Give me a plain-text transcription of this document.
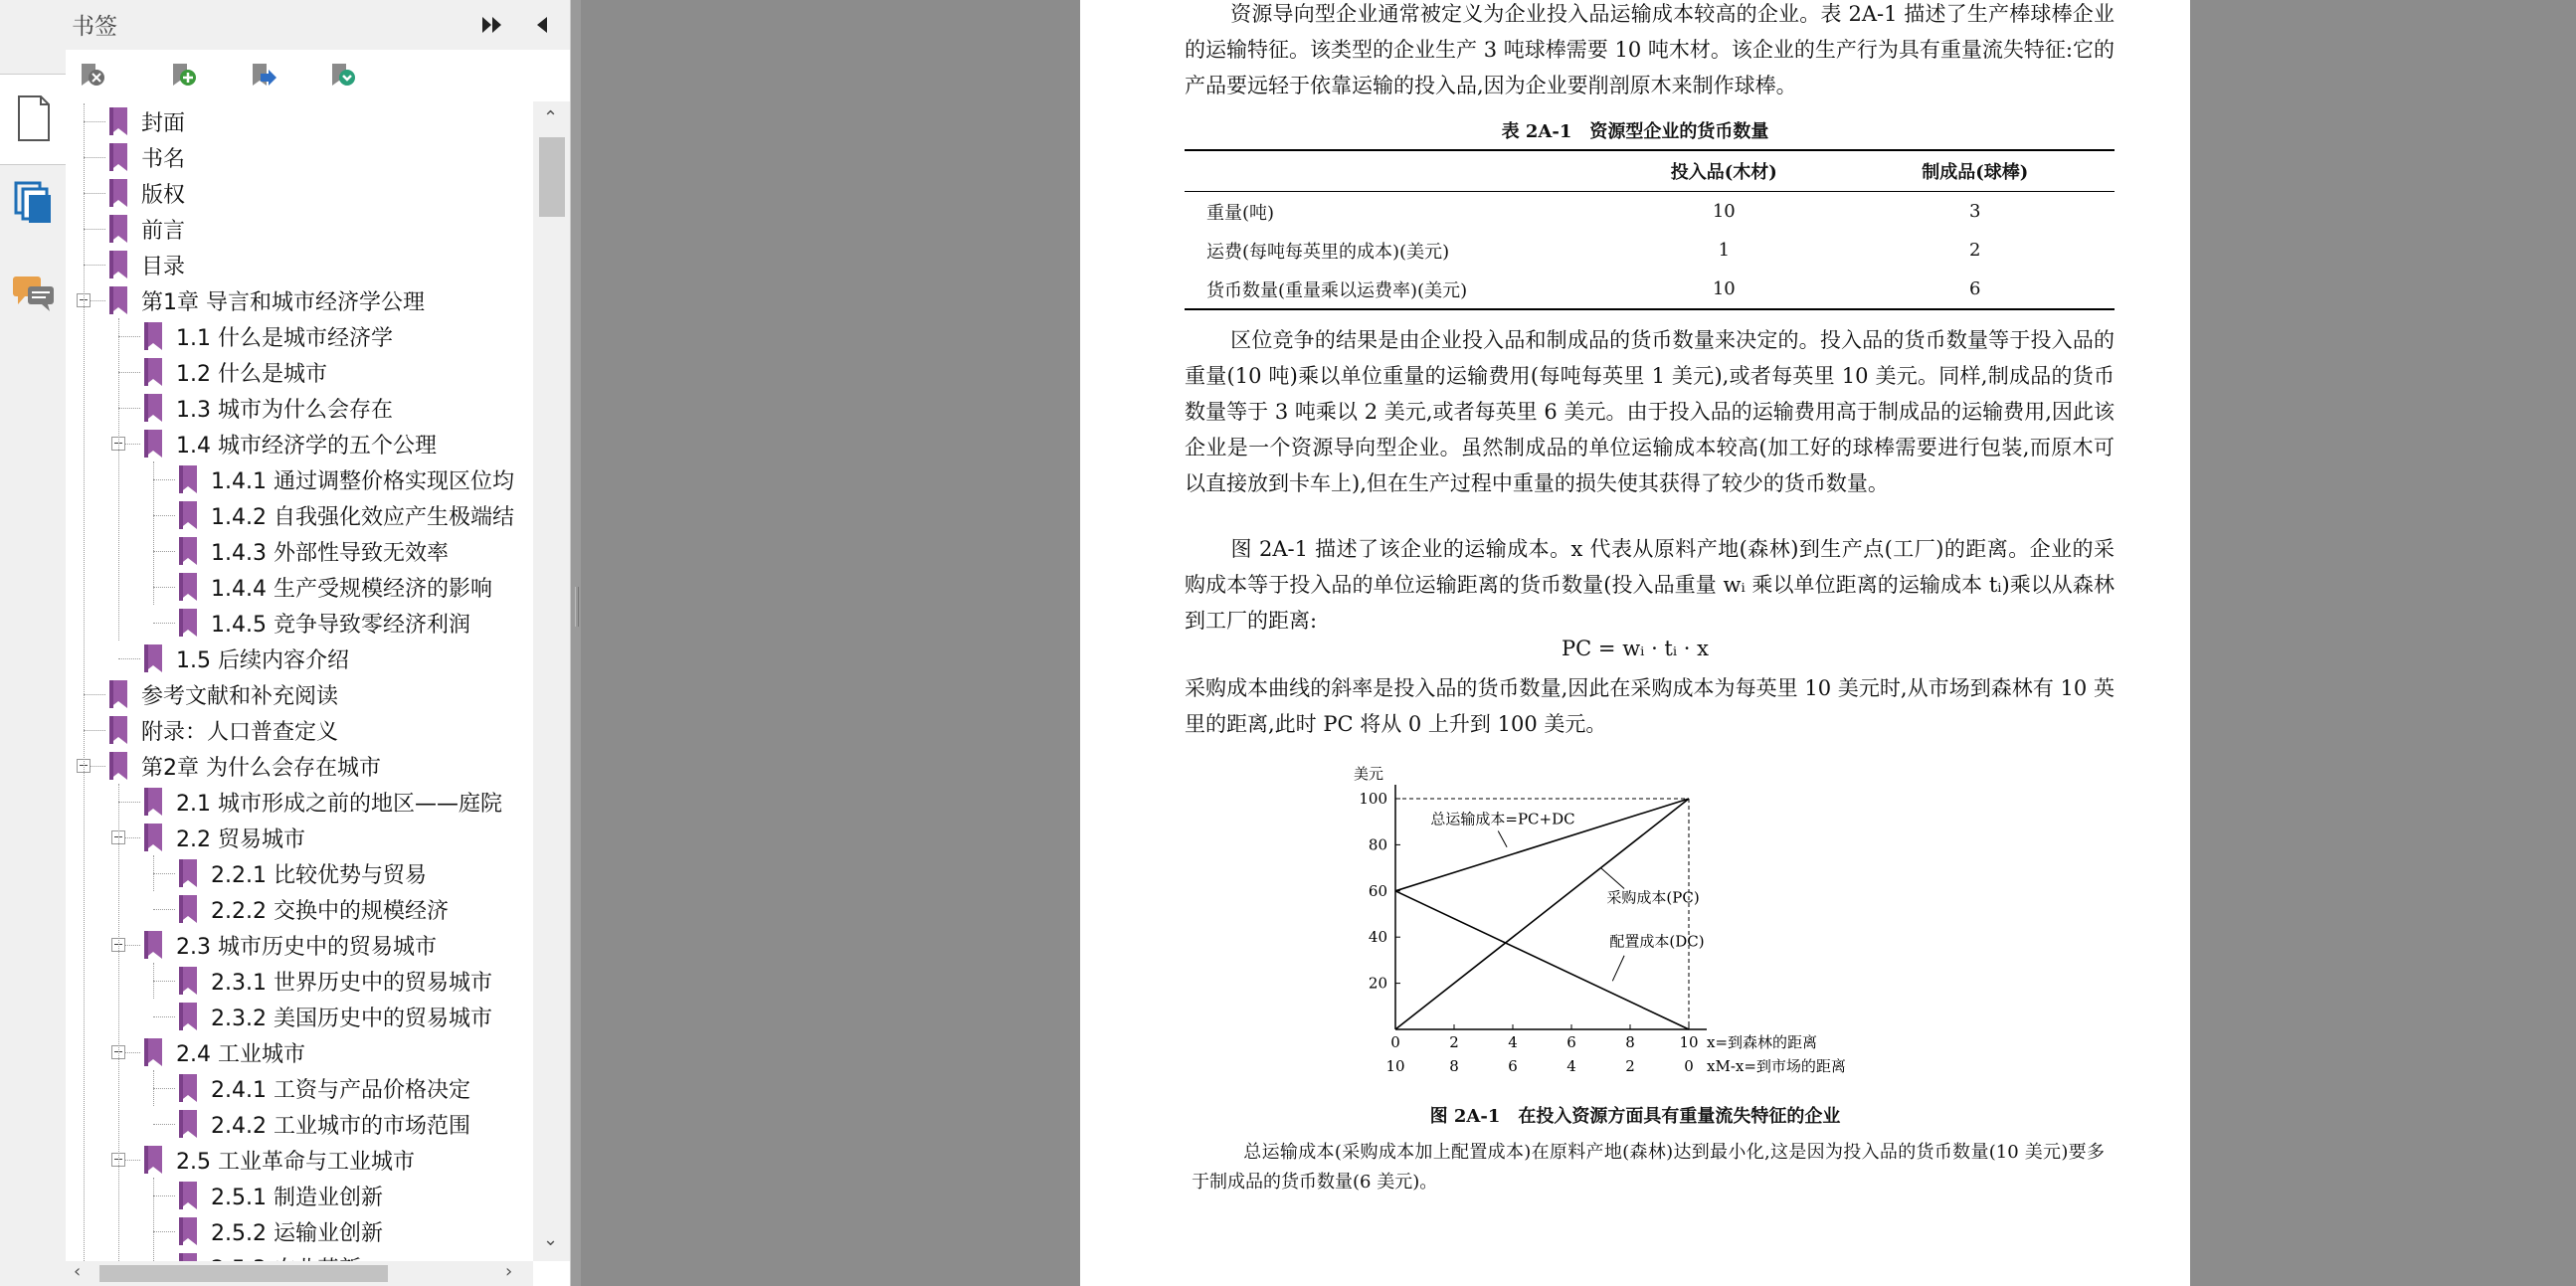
书签
封面
书名
版权
前言
目录
第1章 导言和城市经济学公理
1.1 什么是城市经济学
1.2 什么是城市
1.3 城市为什么会存在
1.4 城市经济学的五个公理
1.4.1 通过调整价格实现区位均
1.4.2 自我强化效应产生极端结
1.4.3 外部性导致无效率
1.4.4 生产受规模经济的影响
1.4.5 竞争导致零经济利润
1.5 后续内容介绍
参考文献和补充阅读
附录：人口普查定义
第2章 为什么会存在城市
2.1 城市形成之前的地区——庭院
2.2 贸易城市
2.2.1 比较优势与贸易
2.2.2 交换中的规模经济
2.3 城市历史中的贸易城市
2.3.1 世界历史中的贸易城市
2.3.2 美国历史中的贸易城市
2.4 工业城市
2.4.1 工资与产品价格决定
2.4.2 工业城市的市场范围
2.5 工业革命与工业城市
2.5.1 制造业创新
2.5.2 运输业创新
⌃
⌄
‹	›
资源导向型企业通常被定义为企业投入品运输成本较高的企业。表 2A-1 描述了生产棒球棒企业的运输特征。该类型的企业生产 3 吨球棒需要 10 吨木材。该企业的生产行为具有重量流失特征:它的产品要远轻于依靠运输的投入品,因为企业要削剖原木来制作球棒。
表 2A-1　资源型企业的货币数量
	投入品(木材)	制成品(球棒)
重量(吨)	10	3
运费(每吨每英里的成本)(美元)	1	2
货币数量(重量乘以运费率)(美元)	10	6
区位竞争的结果是由企业投入品和制成品的货币数量来决定的。投入品的货币数量等于投入品的重量(10 吨)乘以单位重量的运输费用(每吨每英里 1 美元),或者每英里 10 美元。同样,制成品的货币数量等于 3 吨乘以 2 美元,或者每英里 6 美元。由于投入品的运输费用高于制成品的运输费用,因此该企业是一个资源导向型企业。虽然制成品的单位运输成本较高(加工好的球棒需要进行包装,而原木可以直接放到卡车上),但在生产过程中重量的损失使其获得了较少的货币数量。
图 2A-1 描述了该企业的运输成本。x 代表从原料产地(森林)到生产点(工厂)的距离。企业的采购成本等于投入品的单位运输距离的货币数量(投入品重量 wᵢ 乘以单位距离的运输成本 tᵢ)乘以从森林到工厂的距离:
PC = wᵢ · tᵢ · x
采购成本曲线的斜率是投入品的货币数量,因此在采购成本为每英里 10 美元时,从市场到森林有 10 英里的距离,此时 PC 将从 0 上升到 100 美元。
美元
20
40
60
80
100
0
10
2
8
4
6
6
4
8
2
10
0
x=到森林的距离
xM-x=到市场的距离
总运输成本=PC+DC
采购成本(PC)
配置成本(DC)
图 2A-1　在投入资源方面具有重量流失特征的企业
总运输成本(采购成本加上配置成本)在原料产地(森林)达到最小化,这是因为投入品的货币数量(10 美元)要多于制成品的货币数量(6 美元)。
